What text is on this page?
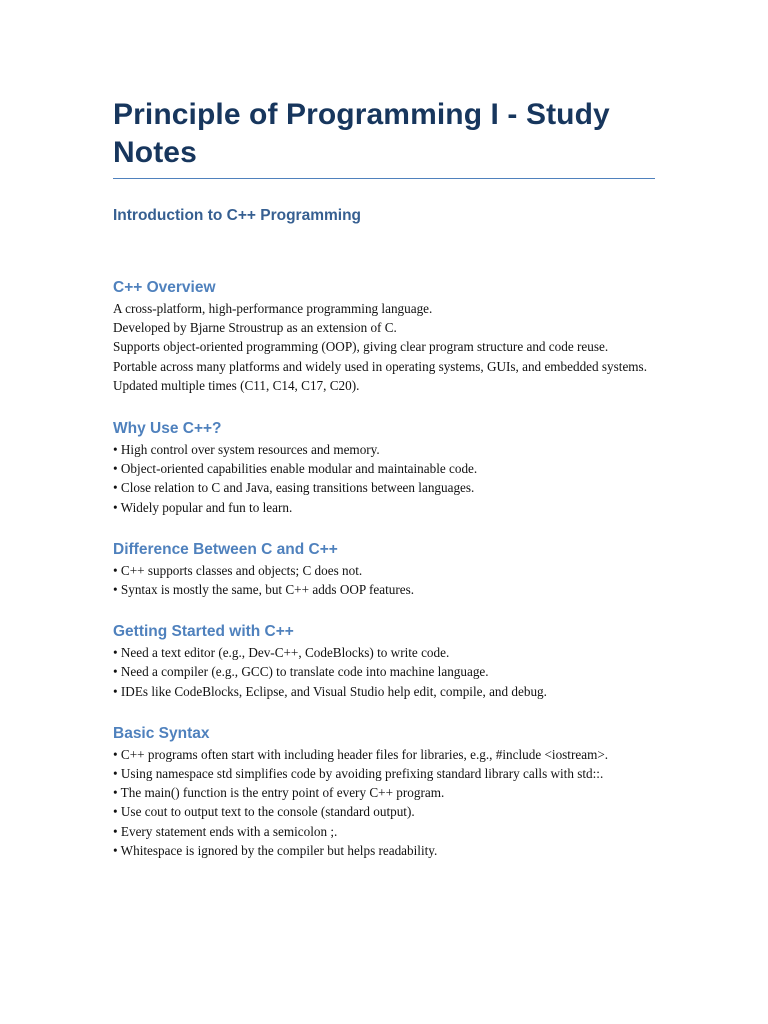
Principle of Programming I - Study Notes
Introduction to C++ Programming
C++ Overview

A cross-platform, high-performance programming language.

Developed by Bjarne Stroustrup as an extension of C.

Supports object-oriented programming (OOP), giving clear program structure and code reuse.

Portable across many platforms and widely used in operating systems, GUIs, and embedded systems.

Updated multiple times (C11, C14, C17, C20).

Why Use C++?

• High control over system resources and memory.

• Object-oriented capabilities enable modular and maintainable code.

• Close relation to C and Java, easing transitions between languages.

• Widely popular and fun to learn.

Difference Between C and C++

• C++ supports classes and objects; C does not.

• Syntax is mostly the same, but C++ adds OOP features.

Getting Started with C++

• Need a text editor (e.g., Dev-C++, CodeBlocks) to write code.

• Need a compiler (e.g., GCC) to translate code into machine language.

• IDEs like CodeBlocks, Eclipse, and Visual Studio help edit, compile, and debug.

Basic Syntax

• C++ programs often start with including header files for libraries, e.g., #include <iostream>.

• Using namespace std simplifies code by avoiding prefixing standard library calls with std::.

• The main() function is the entry point of every C++ program.

• Use cout to output text to the console (standard output).

• Every statement ends with a semicolon ;.

• Whitespace is ignored by the compiler but helps readability.
